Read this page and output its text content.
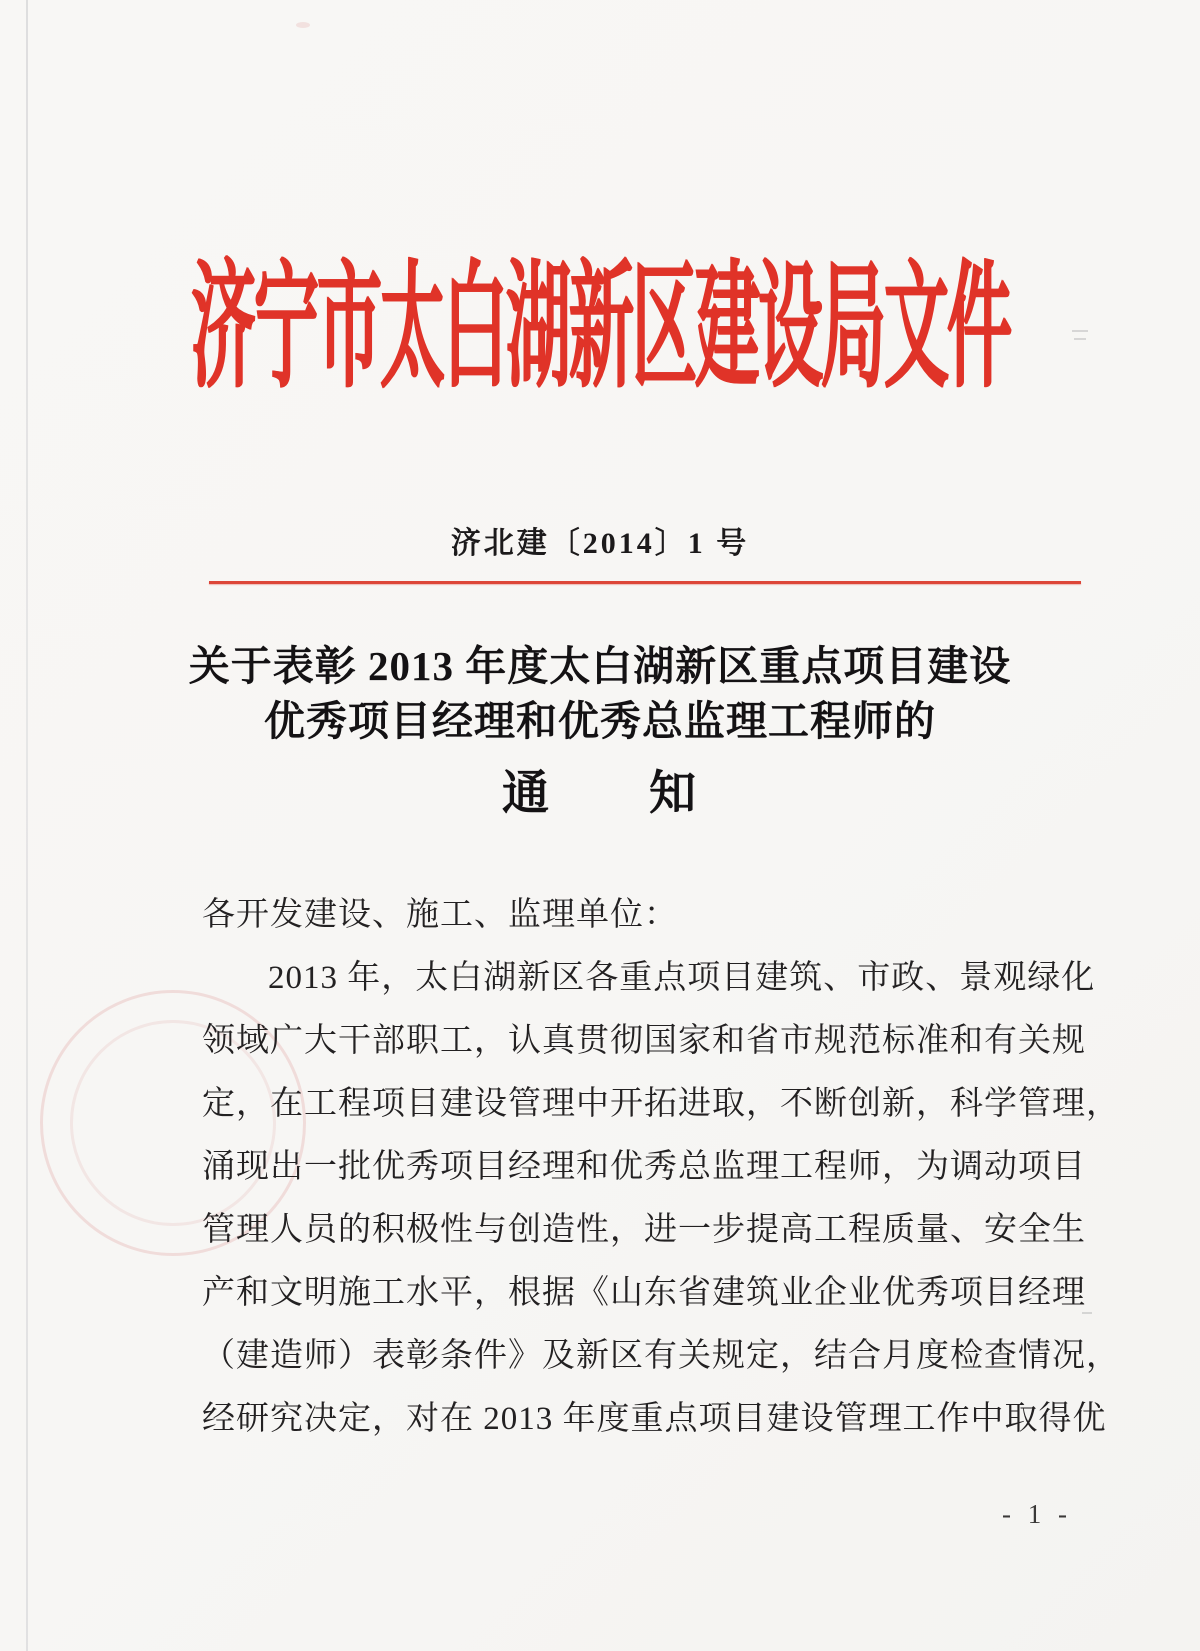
济宁市太白湖新区建设局文件
济北建〔2014〕1 号
关于表彰 2013 年度太白湖新区重点项目建设
优秀项目经理和优秀总监理工程师的
通　　知
各开发建设、施工、监理单位：
2013 年，太白湖新区各重点项目建筑、市政、景观绿化
领域广大干部职工，认真贯彻国家和省市规范标准和有关规
定，在工程项目建设管理中开拓进取，不断创新，科学管理，
涌现出一批优秀项目经理和优秀总监理工程师，为调动项目
管理人员的积极性与创造性，进一步提高工程质量、安全生
产和文明施工水平，根据《山东省建筑业企业优秀项目经理
（建造师）表彰条件》及新区有关规定，结合月度检查情况，
经研究决定，对在 2013 年度重点项目建设管理工作中取得优
- 1 -
